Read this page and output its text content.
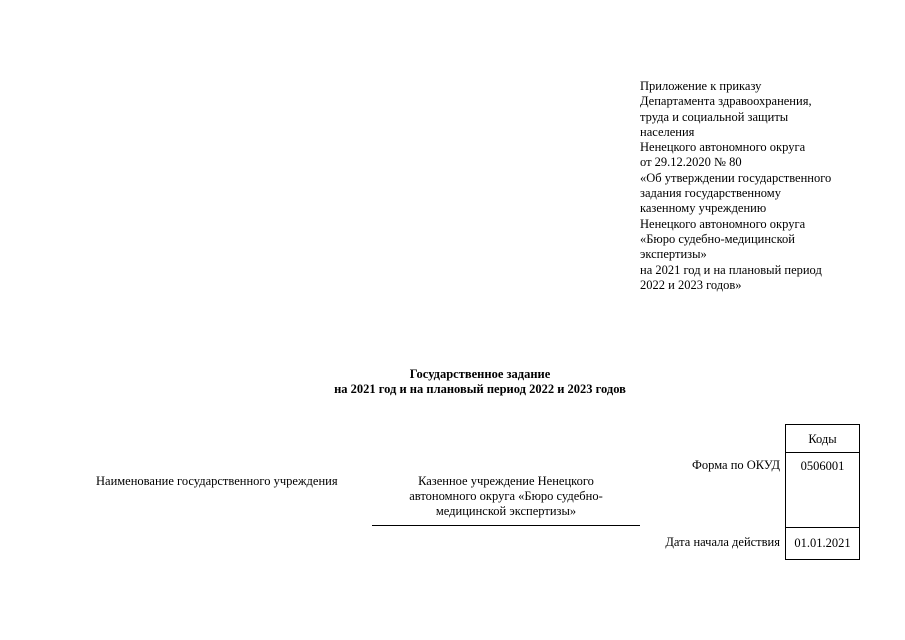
Приложение к приказу
Департамента здравоохранения,
труда и социальной защиты
населения
Ненецкого автономного округа
от 29.12.2020 № 80
«Об утверждении государственного
задания государственному
казенному учреждению
Ненецкого автономного округа
«Бюро судебно-медицинской
экспертизы»
на 2021 год и на плановый период
2022 и 2023 годов»
Государственное задание
на 2021 год и на плановый период 2022 и 2023 годов
Наименование государственного учреждения	Казенное учреждение Ненецкого
автономного округа «Бюро судебно-
медицинской экспертизы»
Форма по ОКУД
Дата начала действия
Коды
0506001
01.01.2021
